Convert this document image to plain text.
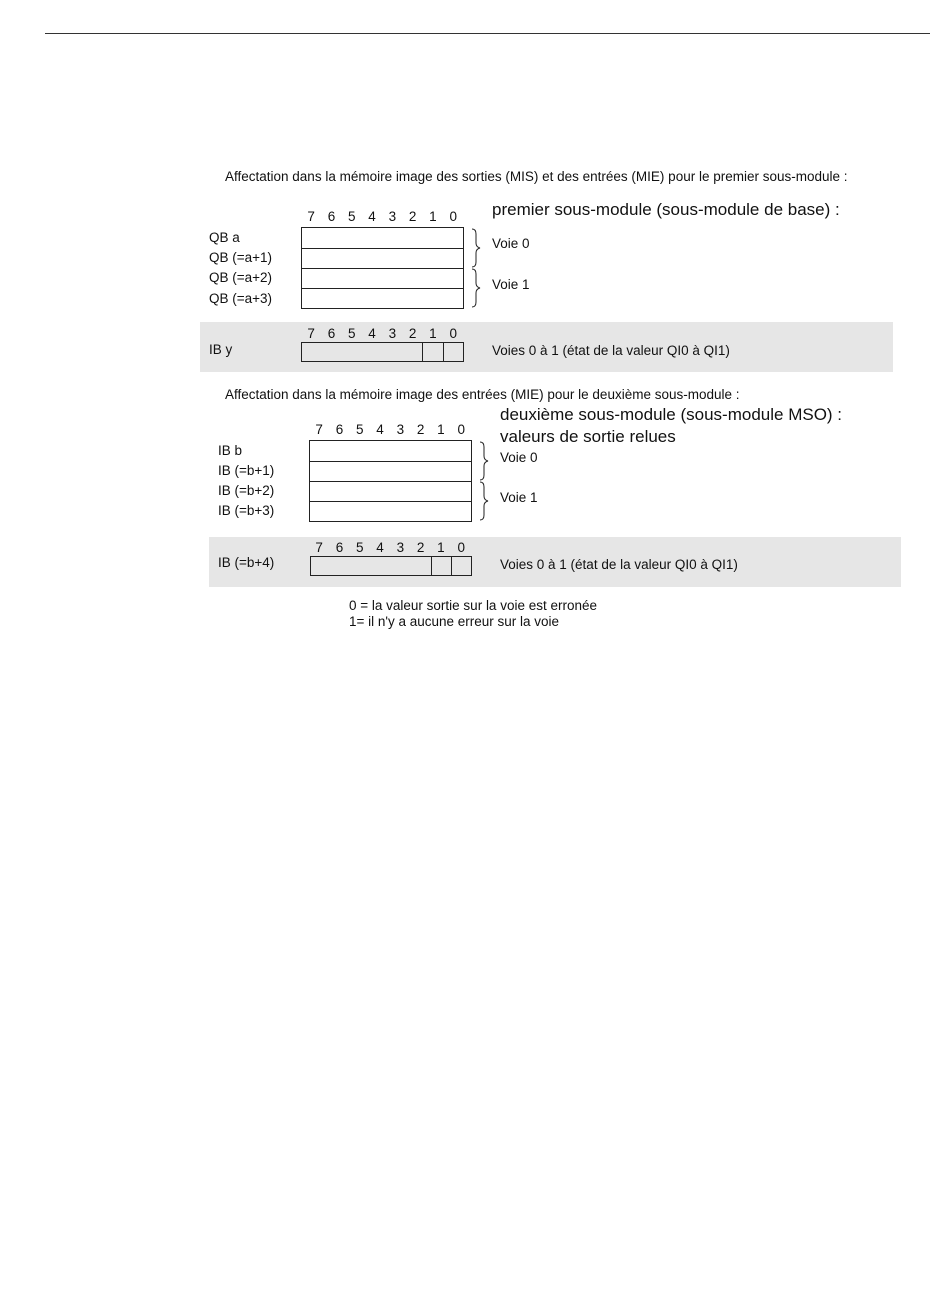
Affectation dans la mémoire image des sorties (MIS) et des entrées (MIE) pour le premier sous-module :
premier sous-module (sous-module de base) :
7 6 5 4 3 2 1 0
QB a
QB (=a+1)
QB (=a+2)
QB (=a+3)
Voie 0
Voie 1
7 6 5 4 3 2 1 0
IB y	Voies 0 à 1 (état de la valeur QI0 à QI1)
Affectation dans la mémoire image des entrées (MIE) pour le deuxième sous-module :
deuxième sous-module (sous-module MSO) :
valeurs de sortie relues
7 6 5 4 3 2 1 0
IB b
IB (=b+1)
IB (=b+2)
IB (=b+3)
Voie 0
Voie 1
7 6 5 4 3 2 1 0
IB (=b+4)	Voies 0 à 1 (état de la valeur QI0 à QI1)
0 = la valeur sortie sur la voie est erronée
1= il n'y a aucune erreur sur la voie
